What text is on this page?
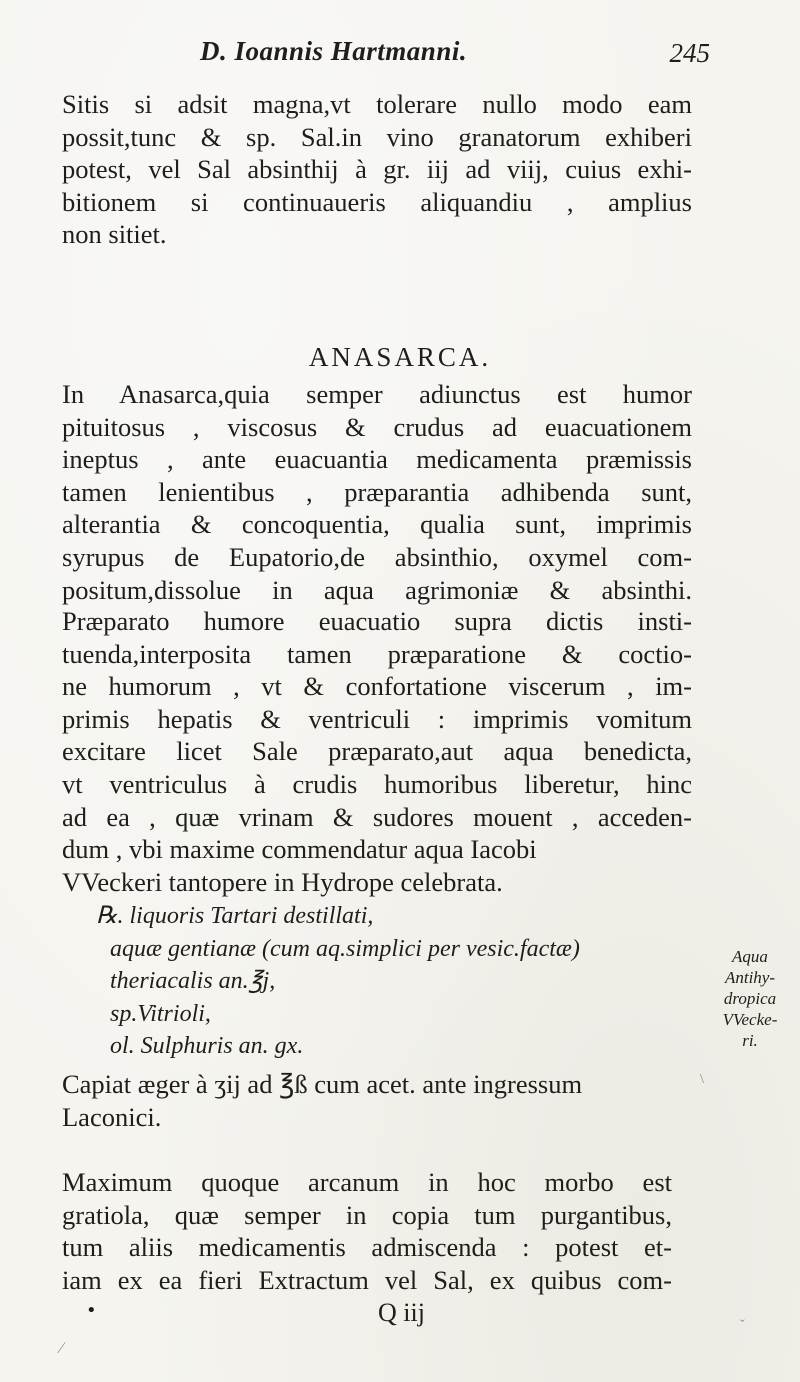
D. Ioannis Hartmanni.	245
Sitis si adsit magna,vt tolerare nullo modo eam
possit,tunc & sp. Sal.in vino granatorum exhiberi
potest, vel Sal absinthij à gr. iij ad viij, cuius exhi-
bitionem si continuaueris aliquandiu , amplius
non sitiet.
ANASARCA.
In Anasarca,quia semper adiunctus est humor
pituitosus , viscosus & crudus ad euacuationem
ineptus , ante euacuantia medicamenta præmissis
tamen lenientibus , præparantia adhibenda sunt,
alterantia & concoquentia, qualia sunt, imprimis
syrupus de Eupatorio,de absinthio, oxymel com-
positum,dissolue in aqua agrimoniæ & absinthi.
Præparato humore euacuatio supra dictis insti-
tuenda,interposita tamen præparatione & coctio-
ne humorum , vt & confortatione viscerum , im-
primis hepatis & ventriculi : imprimis vomitum
excitare licet Sale præparato,aut aqua benedicta,
vt ventriculus à crudis humoribus liberetur, hinc
ad ea , quæ vrinam & sudores mouent , acceden-
dum , vbi maxime commendatur aqua Iacobi
VVeckeri tantopere in Hydrope celebrata.
℞. liquoris Tartari destillati,
aquæ gentianæ (cum aq.simplici per vesic.factæ)
theriacalis an.℥j,
sp.Vitrioli,
ol. Sulphuris an. gx.
Aqua
Antihy-
dropica
VVecke-
ri.
Capiat æger à ʒij ad ℥ß cum acet. ante ingressum
Laconici.
Maximum quoque arcanum in hoc morbo est
gratiola, quæ semper in copia tum purgantibus,
tum aliis medicamentis admiscenda : potest et-
iam ex ea fieri Extractum vel Sal, ex quibus com-
•	Q iij
\
ˇ
⁄
